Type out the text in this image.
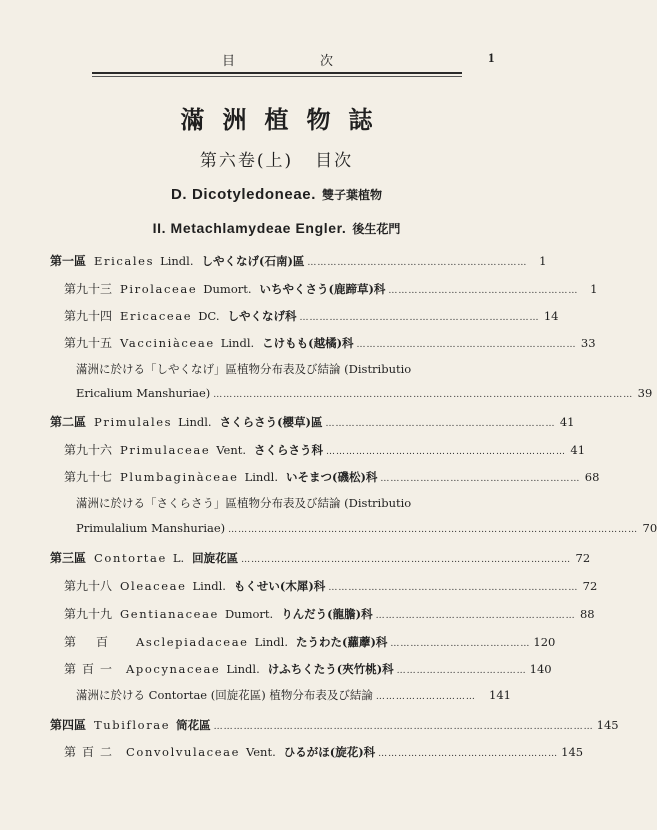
目	次	1
滿洲植物誌
第六卷(上) 目次
D. Dicotyledoneae. 雙子葉植物
II. Metachlamydeae Engler. 後生花門
第一區 Ericales Lindl. しやくなげ(石南)區 …………………………………………………………	1
第九十三 Pirolaceae Dumort. いちやくさう(鹿蹄草)科 …………………………………………………	1
第九十四 Ericaceae DC. しやくなげ科 ……………………………………………………………… 14
第九十五 Vacciniàceae Lindl. こけもも(越橘)科 ………………………………………………………… 33
滿洲に於ける「しやくなげ」區植物分布表及び結論 (Distributio
Ericalium Manshuriae) ……………………………………………………………………………………………………………… 39
第二區 Primulales Lindl. さくらさう(櫻草)區 …………………………………………………………… 41
第九十六 Primulaceae Vent. さくらさう科 ……………………………………………………………… 41
第九十七 Plumbaginàceae Lindl. いそまつ(磯松)科 …………………………………………………… 68
滿洲に於ける「さくらさう」區植物分布表及び結論 (Distributio
Primulalium Manshuriae) …………………………………………………………………………………………………………… 70
第三區 Contortae L. 回旋花區 ……………………………………………………………………………………… 72
第九十八 Oleaceae Lindl. もくせい(木犀)科 ………………………………………………………………… 72
第九十九 Gentianaceae Dumort. りんだう(龍膽)科 …………………………………………………… 88
第百 Asclepiadaceae Lindl. たうわた(蘿藦)科 …………………………………… 120
第百一 Apocynaceae Lindl. けふちくたう(夾竹桃)科 ………………………………… 140
滿洲に於ける Contortae (回旋花區) 植物分布表及び結論 …………………………	141
第四區 Tubiflorae 筒花區 …………………………………………………………………………………………………… 145
第百二 Convolvulaceae Vent. ひるがほ(旋花)科 ……………………………………………… 145
